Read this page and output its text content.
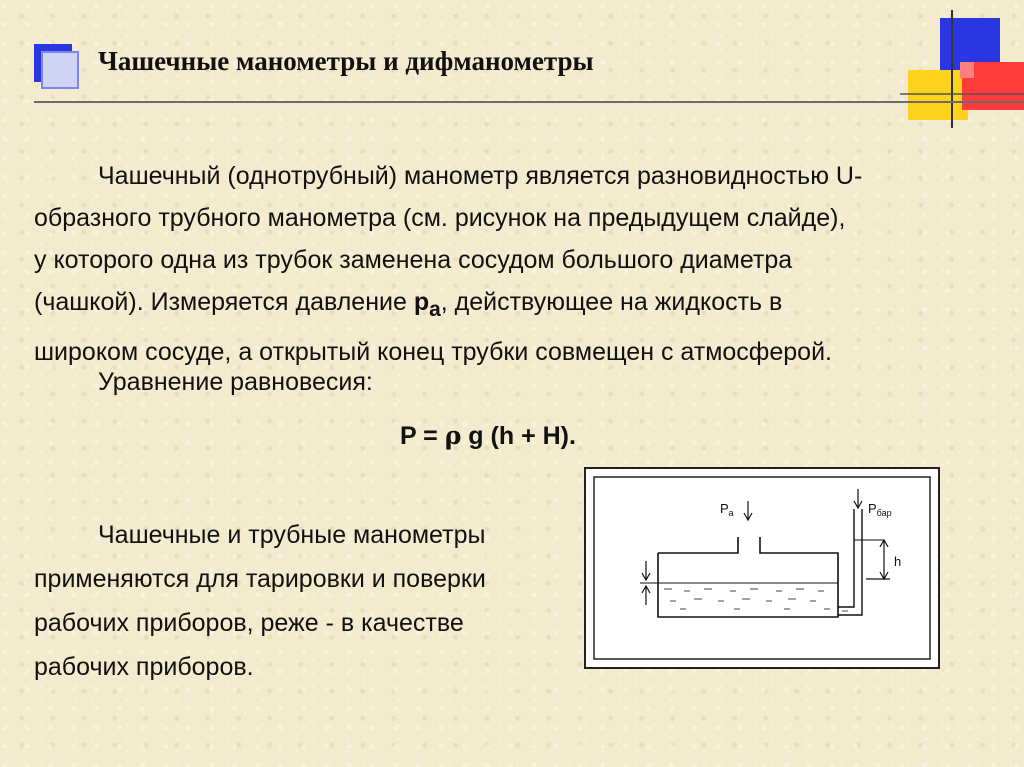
Чашечные манометры и дифманометры
Чашечный (однотрубный) манометр является разновидностью U-
образного трубного манометра (см. рисунок на предыдущем слайде),
у которого одна из трубок заменена сосудом большого диаметра
(чашкой). Измеряется давление $p_a$, действующее на жидкость в
широком сосуде, а открытый конец трубки совмещен с атмосферой.
Уравнение равновесия:
P = ρ g (h + H).
Чашечные и трубные манометры
применяются для тарировки и поверки
рабочих приборов, реже - в качестве
рабочих приборов.
$P_a$	$P_{бар}$
h
